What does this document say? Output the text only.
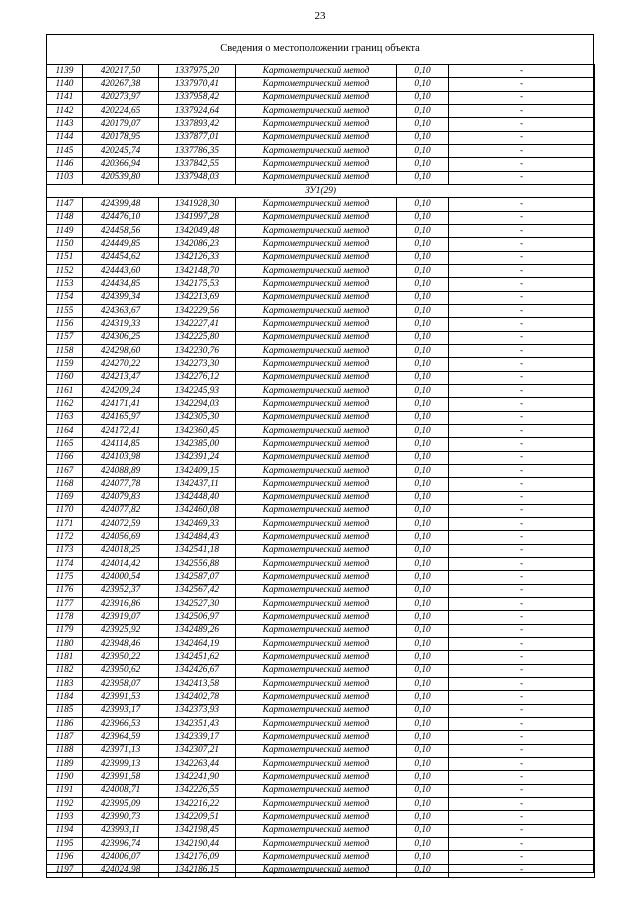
23
Сведения о местоположении границ объекта
1139	420217,50	1337975,20	Картометрический метод	0,10	-
1140	420267,38	1337970,41	Картометрический метод	0,10	-
1141	420273,97	1337958,42	Картометрический метод	0,10	-
1142	420224,65	1337924,64	Картометрический метод	0,10	-
1143	420179,07	1337893,42	Картометрический метод	0,10	-
1144	420178,95	1337877,01	Картометрический метод	0,10	-
1145	420245,74	1337786,35	Картометрический метод	0,10	-
1146	420366,94	1337842,55	Картометрический метод	0,10	-
1103	420539,80	1337948,03	Картометрический метод	0,10	-
ЗУ1(29)					
1147	424399,48	1341928,30	Картометрический метод	0,10	-
1148	424476,10	1341997,28	Картометрический метод	0,10	-
1149	424458,56	1342049,48	Картометрический метод	0,10	-
1150	424449,85	1342086,23	Картометрический метод	0,10	-
1151	424454,62	1342126,33	Картометрический метод	0,10	-
1152	424443,60	1342148,70	Картометрический метод	0,10	-
1153	424434,85	1342175,53	Картометрический метод	0,10	-
1154	424399,34	1342213,69	Картометрический метод	0,10	-
1155	424363,67	1342229,56	Картометрический метод	0,10	-
1156	424319,33	1342227,41	Картометрический метод	0,10	-
1157	424306,25	1342225,80	Картометрический метод	0,10	-
1158	424298,60	1342230,76	Картометрический метод	0,10	-
1159	424270,22	1342273,30	Картометрический метод	0,10	-
1160	424213,47	1342276,12	Картометрический метод	0,10	-
1161	424209,24	1342245,93	Картометрический метод	0,10	-
1162	424171,41	1342294,03	Картометрический метод	0,10	-
1163	424165,97	1342305,30	Картометрический метод	0,10	-
1164	424172,41	1342360,45	Картометрический метод	0,10	-
1165	424114,85	1342385,00	Картометрический метод	0,10	-
1166	424103,98	1342391,24	Картометрический метод	0,10	-
1167	424088,89	1342409,15	Картометрический метод	0,10	-
1168	424077,78	1342437,11	Картометрический метод	0,10	-
1169	424079,83	1342448,40	Картометрический метод	0,10	-
1170	424077,82	1342460,08	Картометрический метод	0,10	-
1171	424072,59	1342469,33	Картометрический метод	0,10	-
1172	424056,69	1342484,43	Картометрический метод	0,10	-
1173	424018,25	1342541,18	Картометрический метод	0,10	-
1174	424014,42	1342556,88	Картометрический метод	0,10	-
1175	424000,54	1342587,07	Картометрический метод	0,10	-
1176	423952,37	1342567,42	Картометрический метод	0,10	-
1177	423916,86	1342527,30	Картометрический метод	0,10	-
1178	423919,07	1342506,97	Картометрический метод	0,10	-
1179	423925,92	1342489,26	Картометрический метод	0,10	-
1180	423948,46	1342464,19	Картометрический метод	0,10	-
1181	423950,22	1342451,62	Картометрический метод	0,10	-
1182	423950,62	1342426,67	Картометрический метод	0,10	-
1183	423958,07	1342413,58	Картометрический метод	0,10	-
1184	423991,53	1342402,78	Картометрический метод	0,10	-
1185	423993,17	1342373,93	Картометрический метод	0,10	-
1186	423966,53	1342351,43	Картометрический метод	0,10	-
1187	423964,59	1342339,17	Картометрический метод	0,10	-
1188	423971,13	1342307,21	Картометрический метод	0,10	-
1189	423999,13	1342263,44	Картометрический метод	0,10	-
1190	423991,58	1342241,90	Картометрический метод	0,10	-
1191	424008,71	1342226,55	Картометрический метод	0,10	-
1192	423995,09	1342216,22	Картометрический метод	0,10	-
1193	423990,73	1342209,51	Картометрический метод	0,10	-
1194	423993,11	1342198,45	Картометрический метод	0,10	-
1195	423996,74	1342190,44	Картометрический метод	0,10	-
1196	424006,07	1342176,09	Картометрический метод	0,10	-
1197	424024,98	1342186,15	Картометрический метод	0,10	-
